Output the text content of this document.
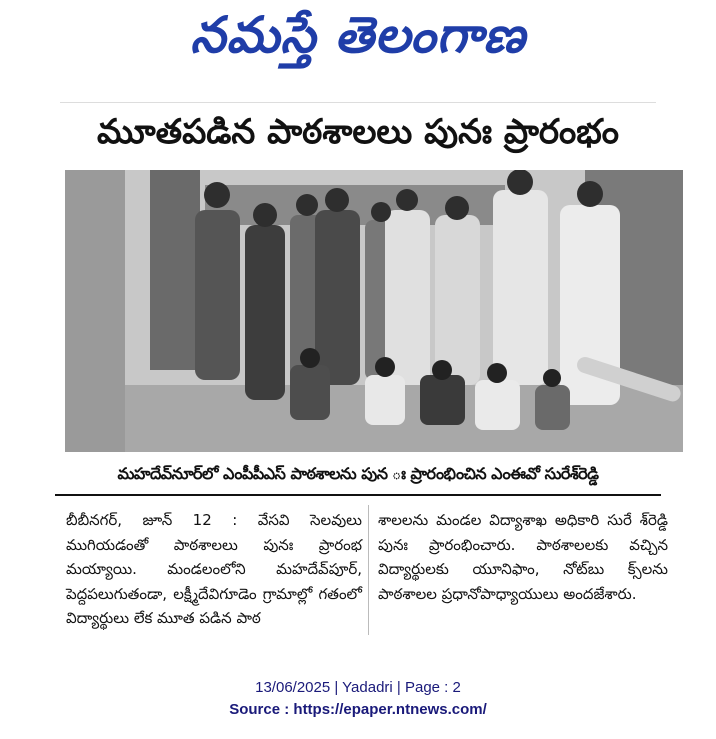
నమస్తే తెలంగాణ
మూతపడిన పాఠశాలలు పునః ప్రారంభం
మహదేవ్‌నూర్‌లో ఎంపీపీఎస్ పాఠశాలను పున ః ప్రారంభించిన ఎంఈవో సురేశ్‌రెడ్డి
బీబీనగర్, జూన్ 12 : వేసవి సెలవులు ముగియడంతో పాఠశాలలు పునః ప్రారంభ మయ్యాయి. మండలంలోని మహదేవ్‌పూర్, పెద్దపలుగుతండా, లక్ష్మీదేవిగూడెం గ్రామాల్లో గతంలో విద్యార్థులు లేక మూత పడిన పాఠ
శాలలను మండల విద్యాశాఖ అధికారి సురే శ్‌రెడ్డి పునః ప్రారంభించారు. పాఠశాలలకు వచ్చిన విద్యార్థులకు యూనిఫాం, నోట్‌బు క్స్‌లను పాఠశాలల ప్రధానోపాధ్యాయులు అందజేశారు.
13/06/2025 | Yadadri | Page : 2
Source : https://epaper.ntnews.com/
